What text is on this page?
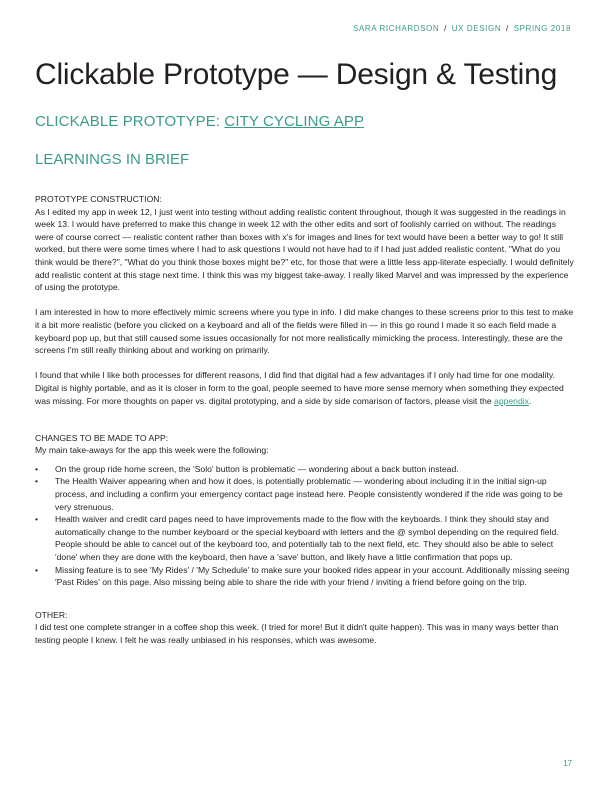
SARA RICHARDSON / UX DESIGN / SPRING 2018
Clickable Prototype — Design & Testing
CLICKABLE PROTOTYPE: CITY CYCLING APP
LEARNINGS IN BRIEF

PROTOTYPE CONSTRUCTION:
As I edited my app in week 12, I just went into testing without adding realistic content throughout, though it was suggested in the readings in week 13. I would have preferred to make this change in week 12 with the other edits and sort of foolishly carried on without. The readings were of course correct — realistic content rather than boxes with x's for images and lines for text would have been a better way to go! It still worked, but there were some times where I had to ask questions I would not have had to if I had just added realistic content. "What do you think would be there?", "What do you think those boxes might be?" etc, for those that were a little less app-literate especially. I would definitely add realistic content at this stage next time. I think this was my biggest take-away. I really liked Marvel and was impressed by the experience of using the prototype.

I am interested in how to more effectively mimic screens where you type in info. I did make changes to these screens prior to this test to make it a bit more realistic (before you clicked on a keyboard and all of the fields were filled in — in this go round I made it so each field made a keyboard pop up, but that still caused some issues occasionally for not more realistically mimicking the process. Interestingly, these are the screens I'm still really thinking about and working on primarily.

I found that while I like both processes for different reasons, I did find that digital had a few advantages if I only had time for one modality. Digital is highly portable, and as it is closer in form to the goal, people seemed to have more sense memory when something they expected was missing. For more thoughts on paper vs. digital prototyping, and a side by side comarison of factors, please visit the appendix.

CHANGES TO BE MADE TO APP:
My main take-aways for the app this week were the following:
• On the group ride home screen, the 'Solo' button is problematic — wondering about a back button instead.
• The Health Waiver appearing when and how it does, is potentially problematic — wondering about including it in the initial sign-up process, and including a confirm your emergency contact page instead here. People consistently wondered if the ride was going to be very strenuous.
• Health waiver and credit card pages need to have improvements made to the flow with the keyboards. I think they should stay and automatically change to the number keyboard or the special keyboard with letters and the @ symbol depending on the required field. People should be able to cancel out of the keyboard too, and potentially tab to the next field, etc. They should also be able to select 'done' when they are done with the keyboard, then have a 'save' button, and likely have a little confirmation that pops up.
• Missing feature is to see 'My Rides' / 'My Schedule' to make sure your booked rides appear in your account. Additionally missing seeing 'Past Rides' on this page. Also missing being able to share the ride with your friend / inviting a friend before going on the trip.
OTHER:
I did test one complete stranger in a coffee shop this week. (I tried for more! But it didn't quite happen). This was in many ways better than testing people I knew. I felt he was really unbiased in his responses, which was awesome.
17
